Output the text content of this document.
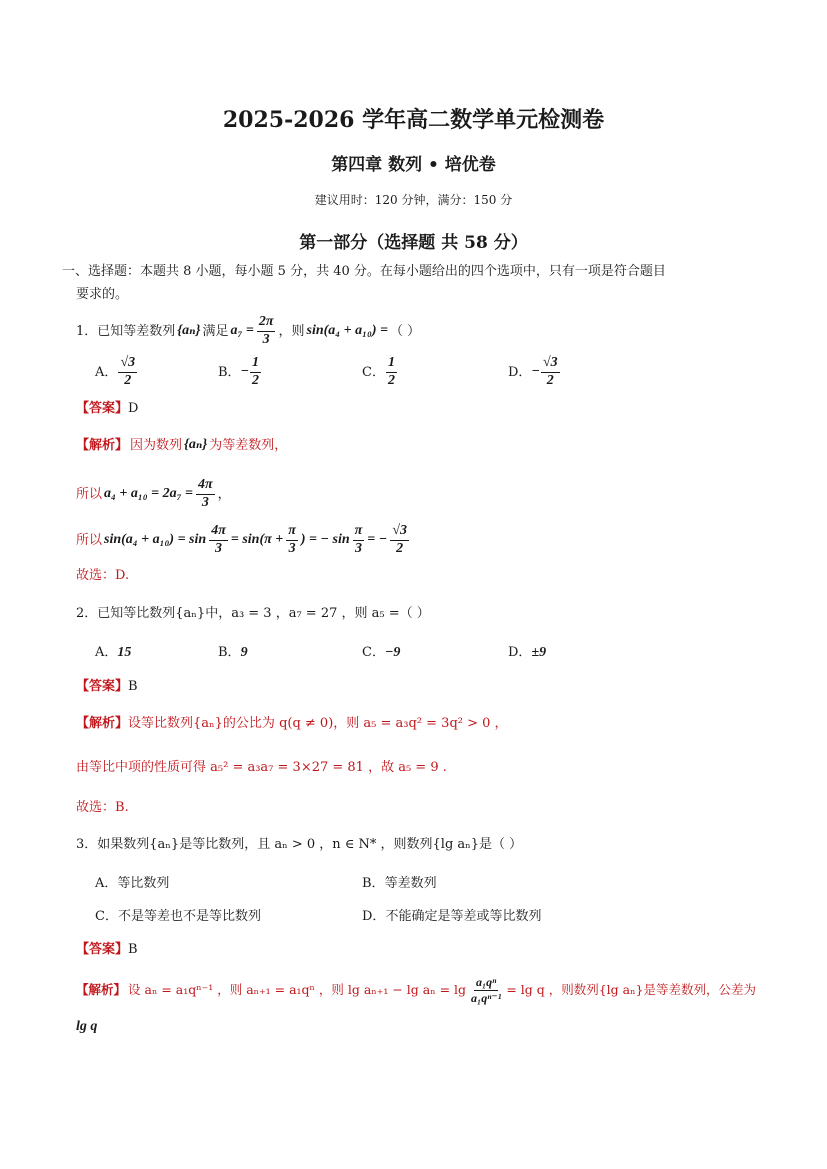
2025-2026 学年高二数学单元检测卷
第四章 数列 • 培优卷
建议用时：120 分钟，满分：150 分
第一部分（选择题 共 58 分）
一、选择题：本题共 8 小题，每小题 5 分，共 40 分。在每小题给出的四个选项中，只有一项是符合题目
要求的。
1．已知等差数列 {aₙ} 满足 $a_7 = \frac{2\pi}{3}$ ，则 sin(a₄ + a₁₀) = （ ）
A． $\frac{√3}{2}$	B． − $\frac{1}{2}$	C． $\frac{1}{2}$	D． − $\frac{√3}{2}$
【答案】D
【解析】 因为数列 {aₙ} 为等差数列，
所以 $a_4 + a_{10} = 2a_7 = \frac{4\pi}{3}$ ，
所以 $\sin(a_4 + a_{10}) = \sin \frac{4\pi}{3} = \sin(\pi + \frac{\pi}{3}$ ) = − $\sin \frac{\pi}{3}$ = − $\frac{√3}{2}$
故选：D.
2．已知等比数列{aₙ}中，a₃ = 3 ，a₇ = 27 ，则 a₅ =（ ）
A．15	B．9	C．−9	D．±9
【答案】B
【解析】设等比数列{aₙ}的公比为 q(q ≠ 0)，则 a₅ = a₃q² = 3q² > 0 ，
由等比中项的性质可得 a₅² = a₃a₇ = 3×27 = 81 ，故 a₅ = 9 .
故选：B.
3．如果数列{aₙ}是等比数列，且 aₙ > 0 ，n ∈ N* ，则数列{lg aₙ}是（ ）
A．等比数列	B．等差数列
C．不是等差也不是等比数列	D．不能确定是等差或等比数列
【答案】B
【解析】 设 aₙ = a₁qⁿ⁻¹ ，则 aₙ₊₁ = a₁qⁿ ，则 $\lg a_{n+1} - \lg a_n = \lg \frac{\text{a₁qⁿ}}{\text{a₁qⁿ⁻¹}} = \lg q$ ，则数列{lg aₙ}是等差数列，公差为
lg q
